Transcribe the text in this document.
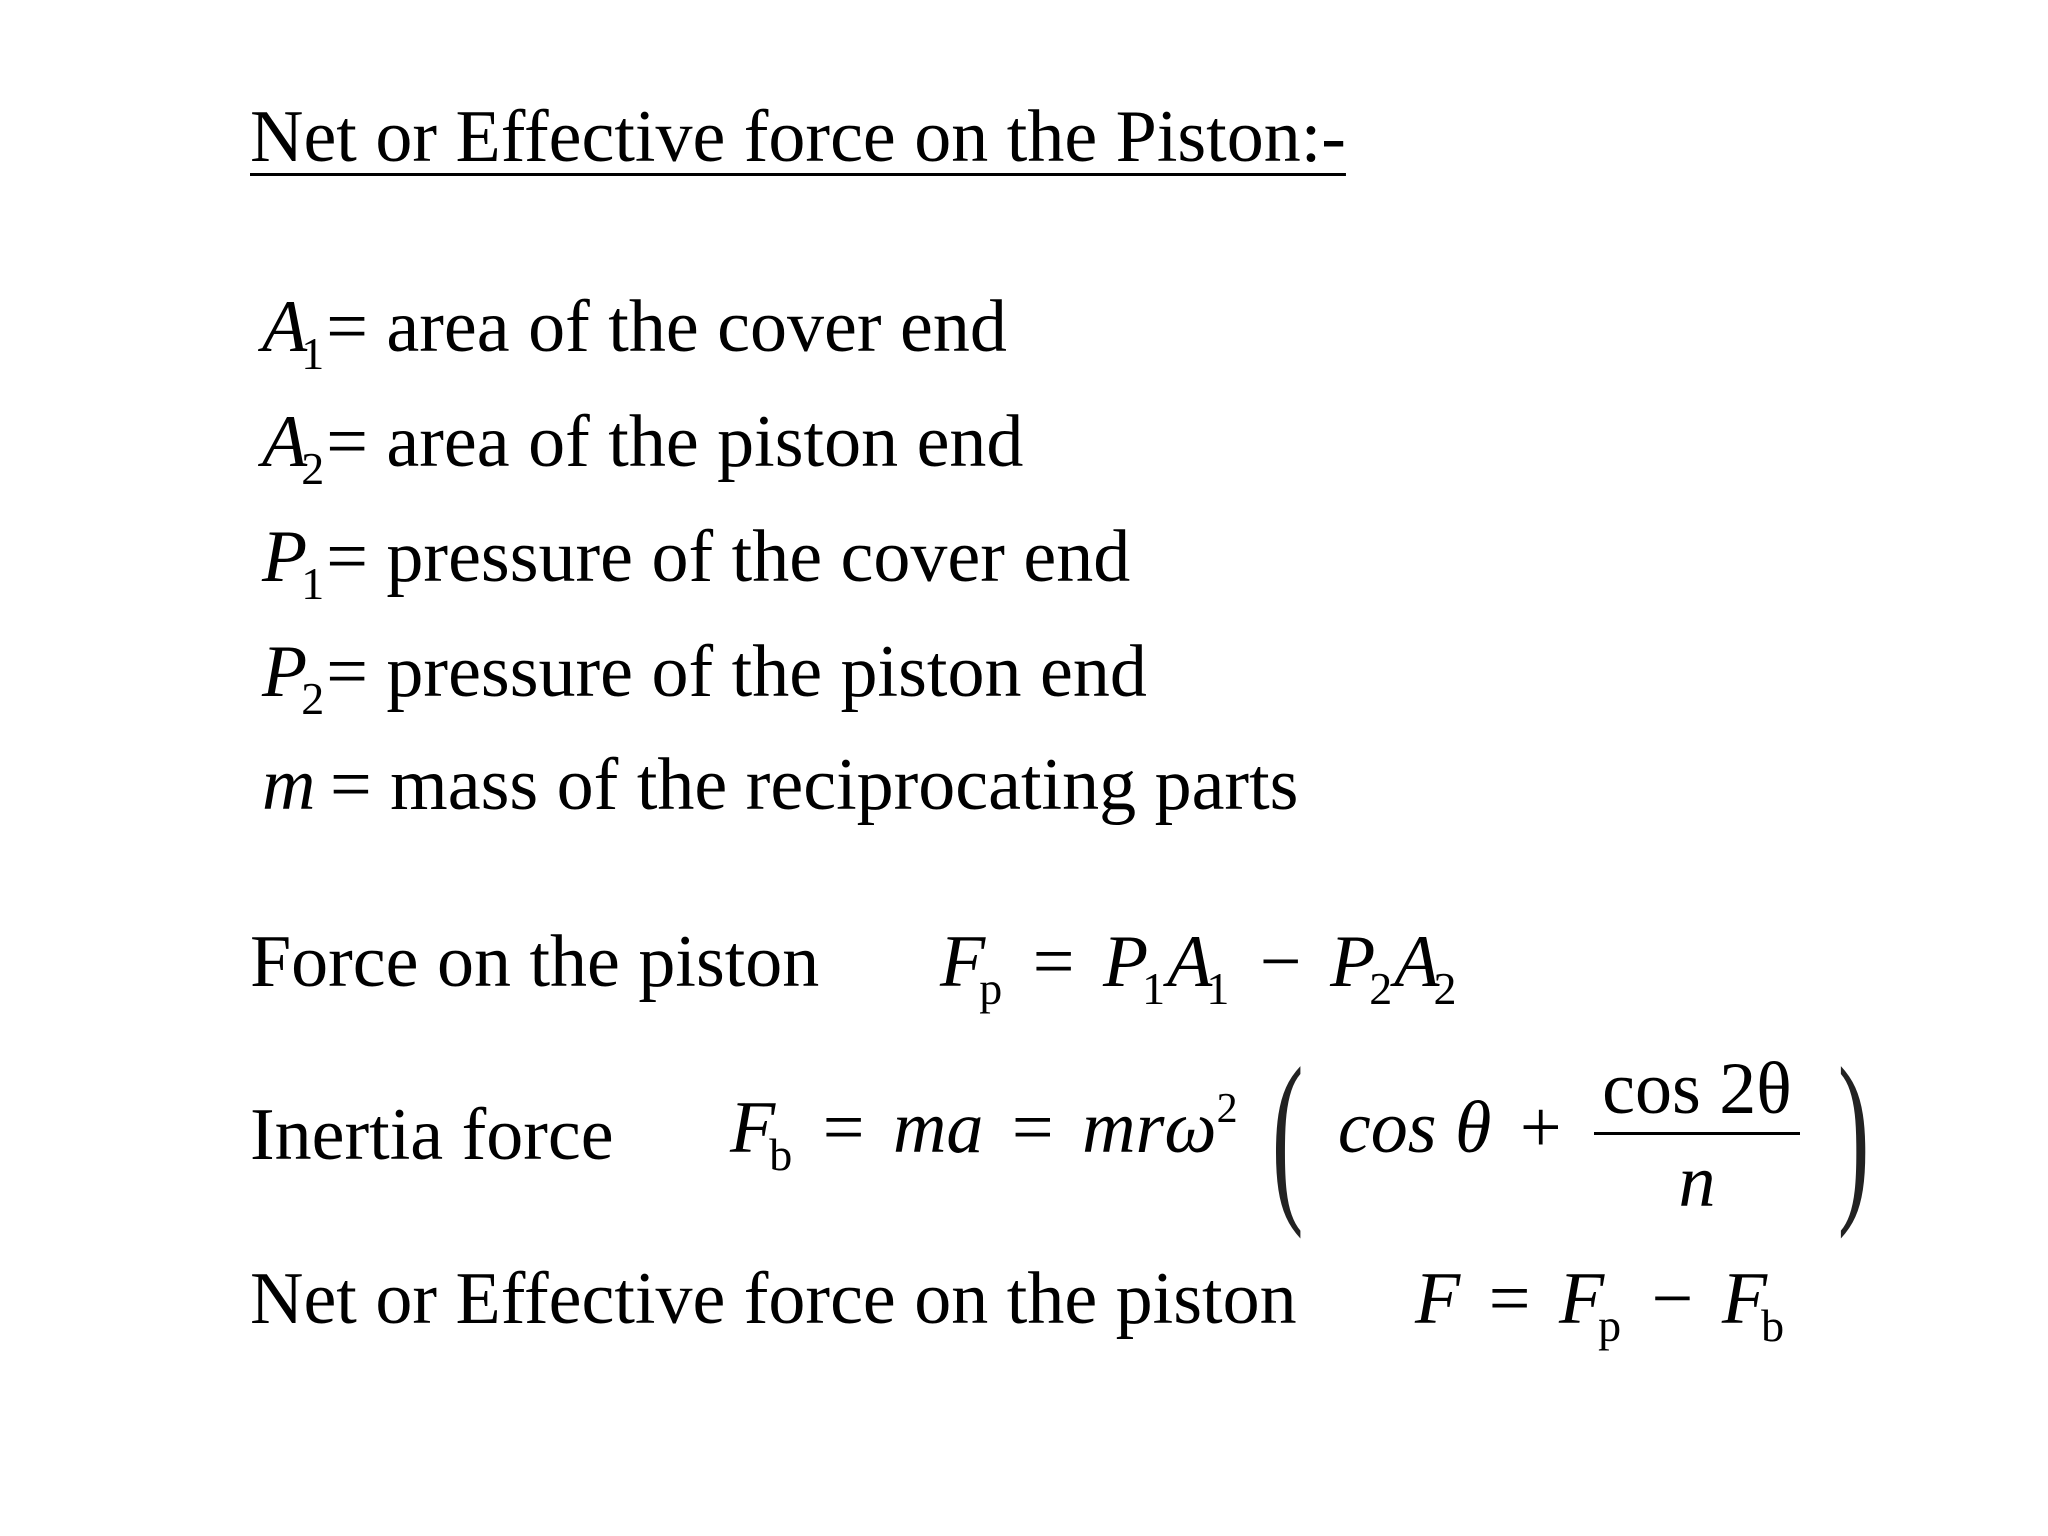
Net or Effective force on the Piston:-
$A_1=$ area of the cover end
$A_2=$ area of the piston end
$P_1=$ pressure of the cover end
$P_2=$ pressure of the piston end
m = mass of the reciprocating parts
Force on the piston $F_p = P_1A_1 - P_2A_2$
Inertia force $F_b$ = ma = mrω$^2$ ( $\cos \theta + \frac{\cos 2\theta}{n}$ )
Net or Effective force on the piston $F = F_p - F_b$
